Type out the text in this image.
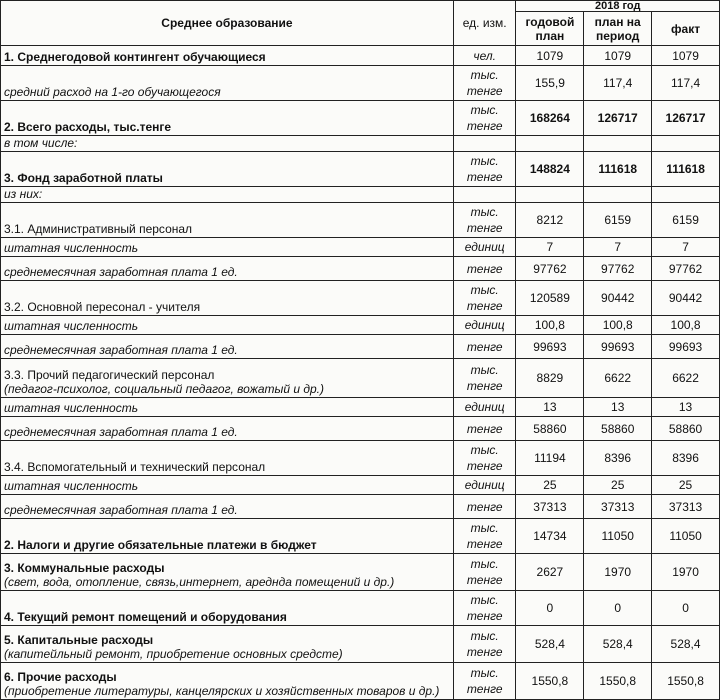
Среднее образование	ед. изм.	2018 год		
		годовой план	план на период	факт

1. Среднегодовой контингент обучающиеся	чел.	1079	1079	1079

средний расход на 1-го обучающегося	тыс. тенге	155,9	117,4	117,4

2. Всего расходы, тыс.тенге	тыс. тенге	168264	126717	126717

в том числе:				

3. Фонд заработной платы	тыс. тенге	148824	111618	111618

из них:				

3.1. Административный персонал	тыс. тенге	8212	6159	6159

штатная численность	единиц	7	7	7

среднемесячная заработная плата 1 ед.	тенге	97762	97762	97762

3.2. Основной пересонал - учителя	тыс. тенге	120589	90442	90442

штатная численность	единиц	100,8	100,8	100,8

среднемесячная заработная плата 1 ед.	тенге	99693	99693	99693

3.3. Прочий педагогический персонал
(педагог-психолог, социальный педагог, вожатый и др.)	тыс. тенге	8829	6622	6622

штатная численность	единиц	13	13	13

среднемесячная заработная плата 1 ед.	тенге	58860	58860	58860

3.4. Вспомогательный и технический персонал	тыс. тенге	11194	8396	8396

штатная численность	единиц	25	25	25

среднемесячная заработная плата 1 ед.	тенге	37313	37313	37313

2. Налоги и другие обязательные платежи в бюджет	тыс. тенге	14734	11050	11050

3. Коммунальные расходы
(свет, вода, отопление, связь,интернет, ареднда помещений и др.)	тыс. тенге	2627	1970	1970

4. Текущий ремонт помещений и оборудования	тыс. тенге	0	0	0

5. Капитальные расходы
(капитейльный ремонт, приобретение основных средсте)	тыс. тенге	528,4	528,4	528,4

6. Прочие расходы
(приобретение литературы, канцелярских и хозяйственных товаров и др.)	тыс. тенге	1550,8	1550,8	1550,8
